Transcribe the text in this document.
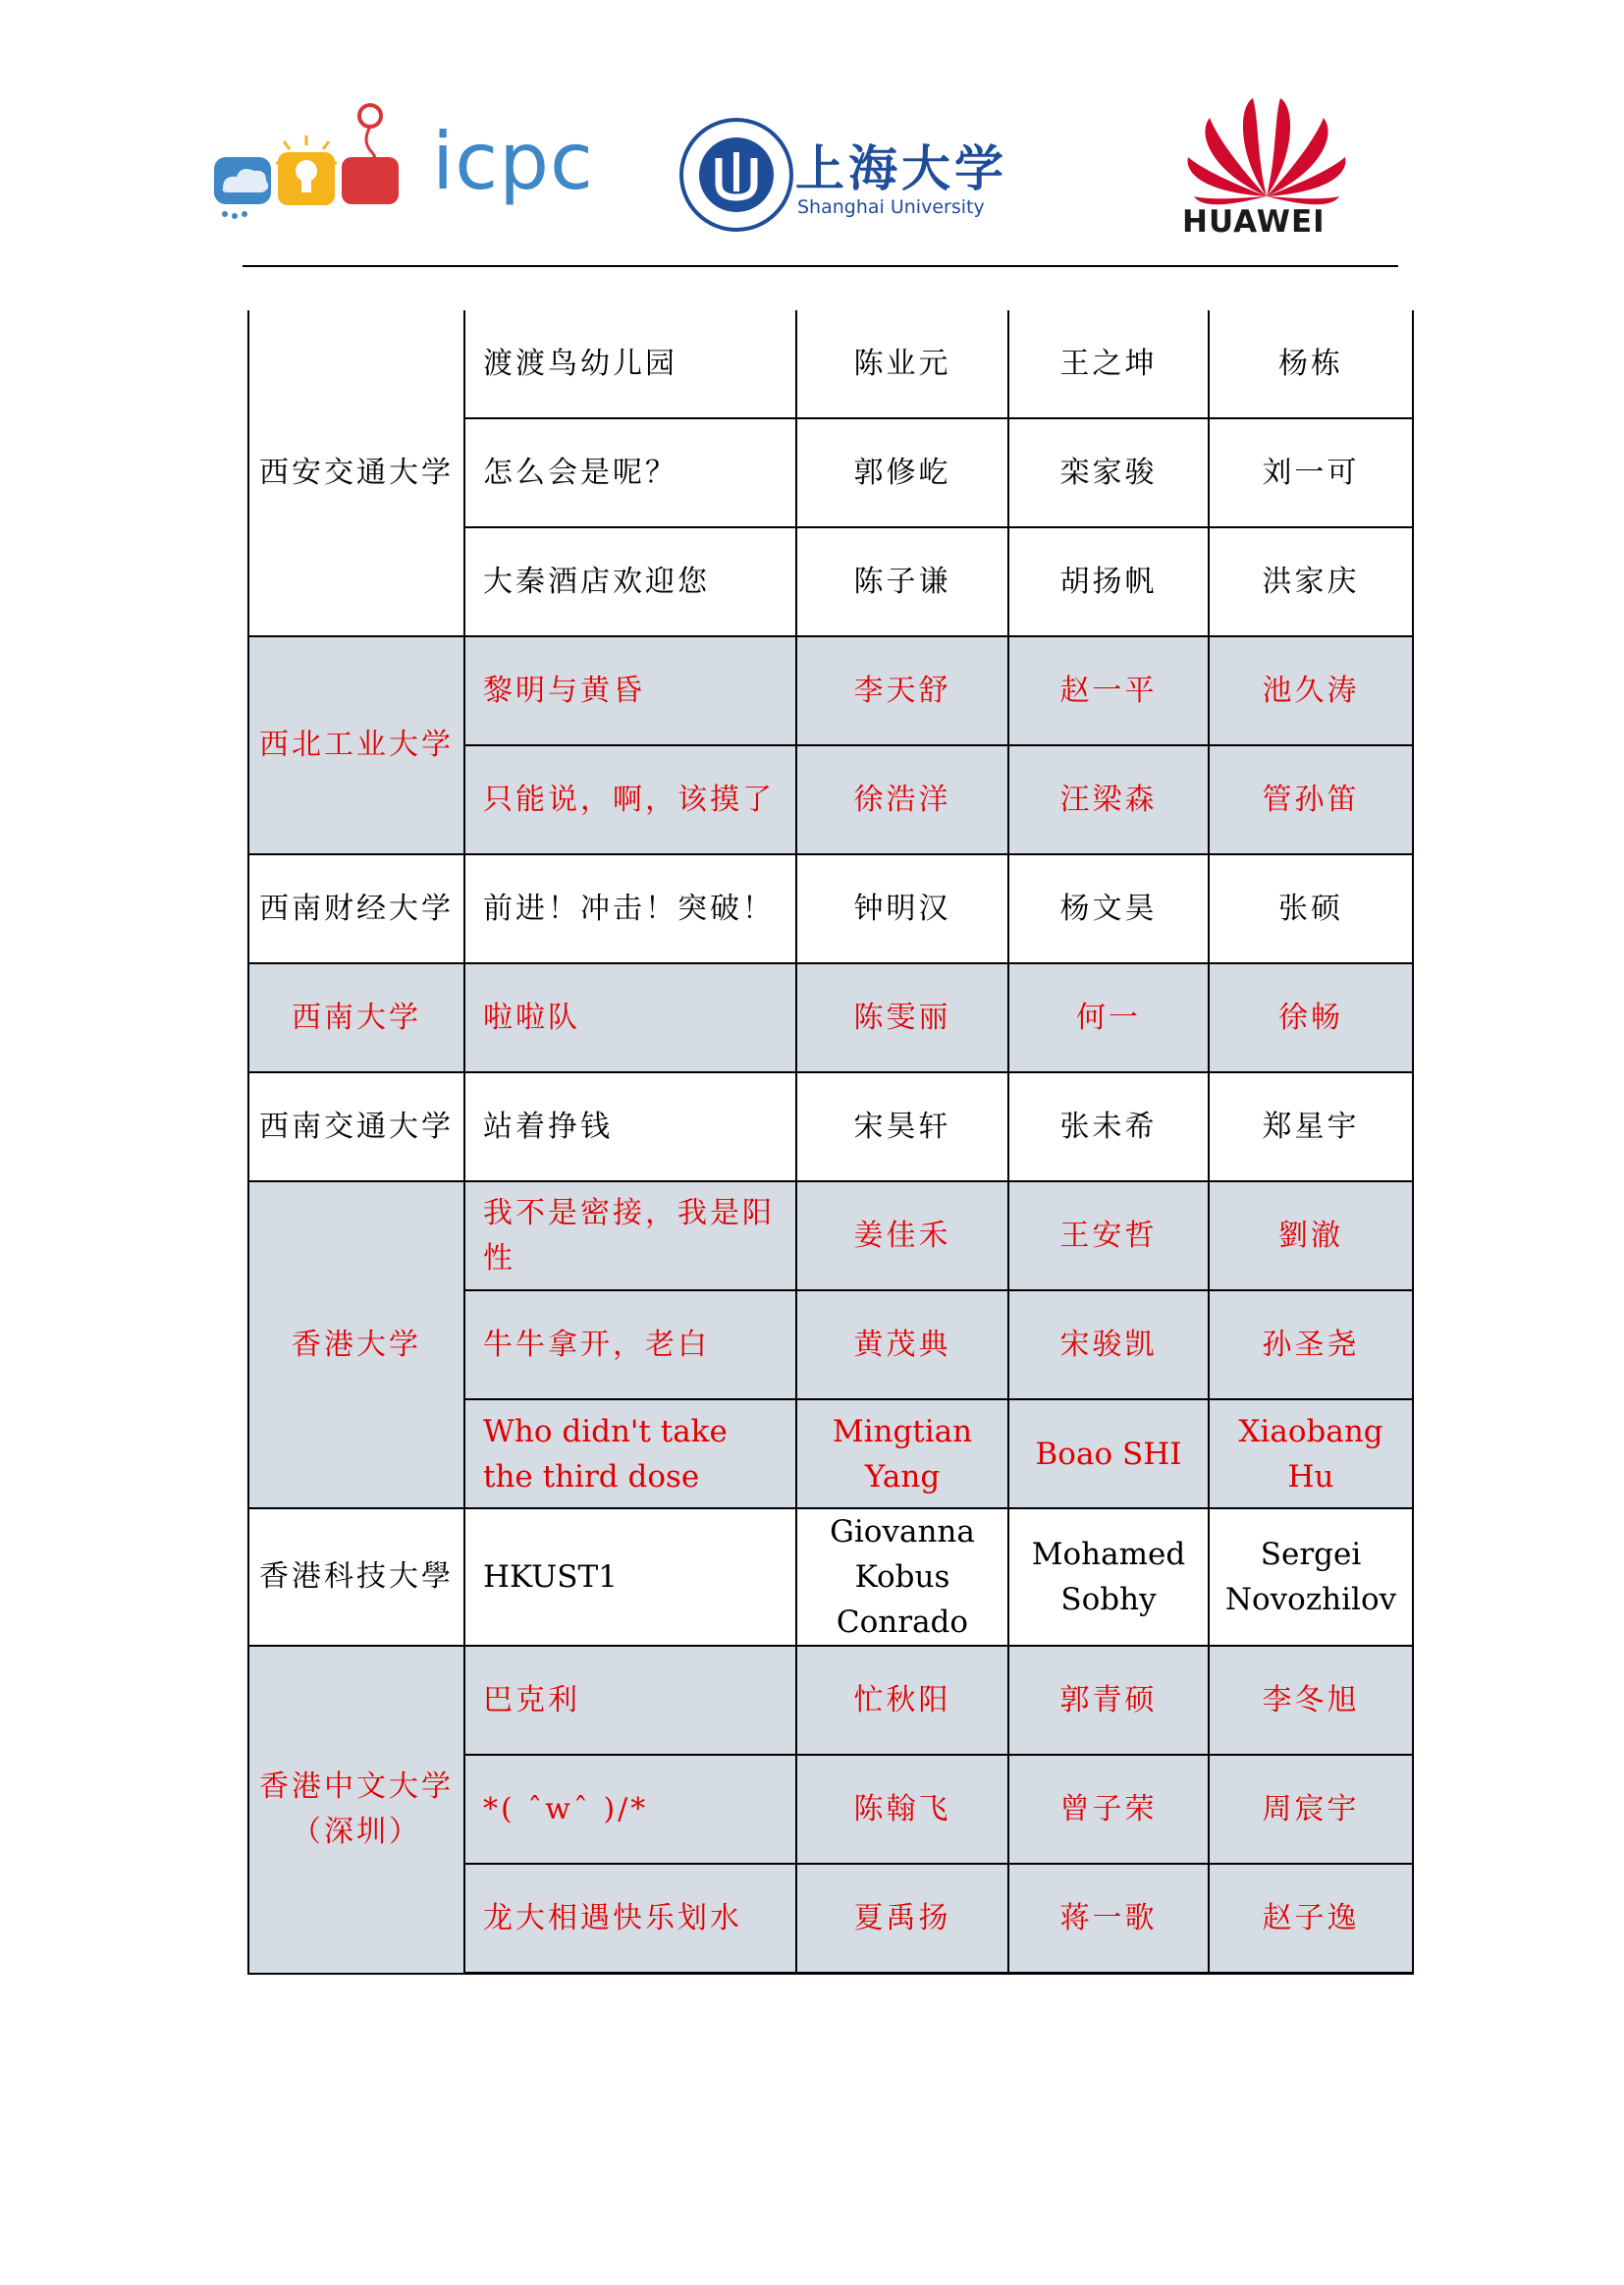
icpc	上海大学
Shanghai University	HUAWEI
西安交通大学	渡渡鸟幼儿园	陈业元	王之坤	杨栋
	怎么会是呢？	郭修屹	栾家骏	刘一可
	大秦酒店欢迎您	陈子谦	胡扬帆	洪家庆
西北工业大学	黎明与黄昏	李天舒	赵一平	池久涛
	只能说，啊，该摸了	徐浩洋	汪梁森	管孙笛
西南财经大学	前进！冲击！突破！	钟明汉	杨文昊	张硕
西南大学	啦啦队	陈雯丽	何一	徐畅
西南交通大学	站着挣钱	宋昊轩	张未希	郑星宇
香港大学	我不是密接，我是阳性	姜佳禾	王安哲	劉澈
	牛牛拿开，老白	黄茂典	宋骏凯	孙圣尧
	Who didn't take the third dose	Mingtian Yang	Boao SHI	Xiaobang Hu
香港科技大學	HKUST1	Giovanna Kobus Conrado	Mohamed Sobhy	Sergei Novozhilov
香港中文大学（深圳）	巴克利	忙秋阳	郭青硕	李冬旭
	*( ˆwˆ )/*	陈翰飞	曾子荣	周宸宇
	龙大相遇快乐划水	夏禹扬	蒋一歌	赵子逸
